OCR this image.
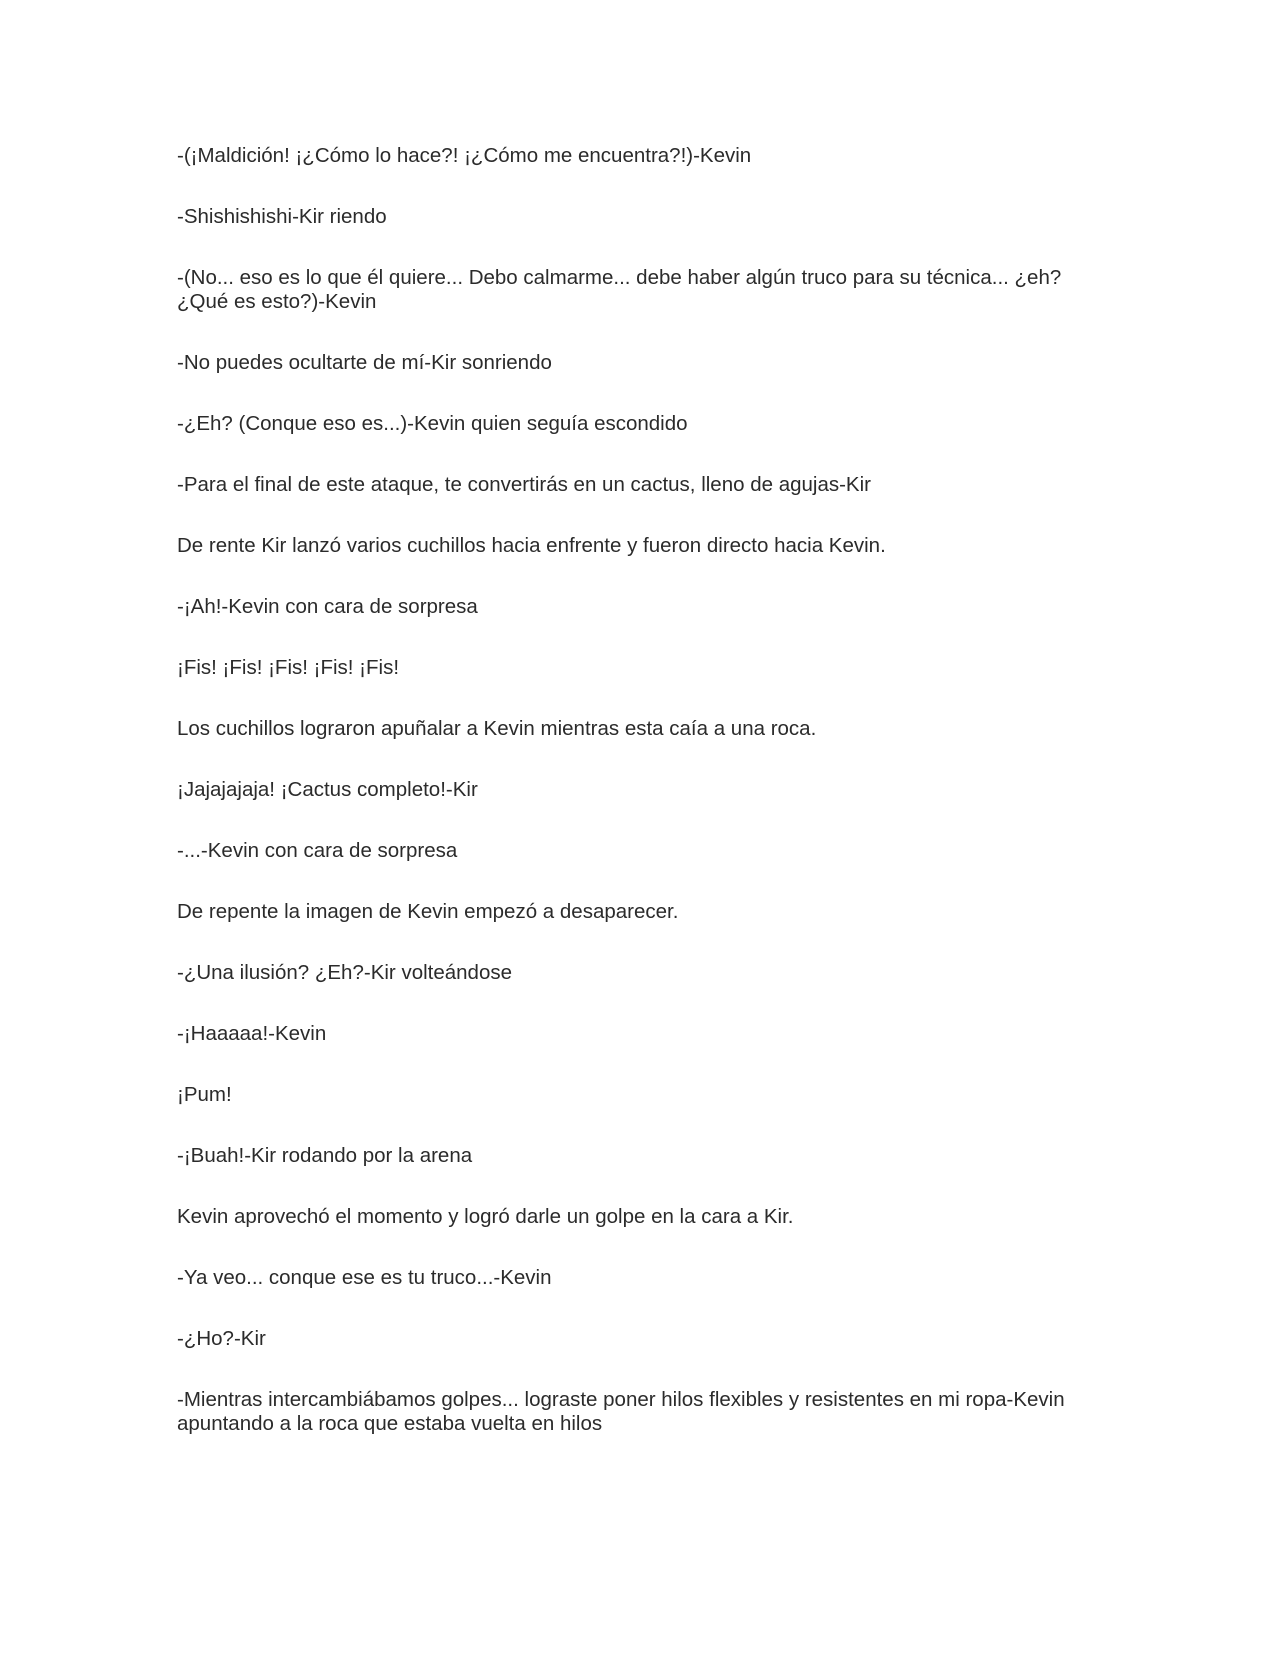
-(¡Maldición! ¡¿Cómo lo hace?! ¡¿Cómo me encuentra?!)-Kevin

-Shishishishi-Kir riendo

-(No... eso es lo que él quiere... Debo calmarme... debe haber algún truco para su técnica... ¿eh? ¿Qué es esto?)-Kevin

-No puedes ocultarte de mí-Kir sonriendo

-¿Eh? (Conque eso es...)-Kevin quien seguía escondido

-Para el final de este ataque, te convertirás en un cactus, lleno de agujas-Kir

De rente Kir lanzó varios cuchillos hacia enfrente y fueron directo hacia Kevin.

-¡Ah!-Kevin con cara de sorpresa

¡Fis! ¡Fis! ¡Fis! ¡Fis! ¡Fis!

Los cuchillos lograron apuñalar a Kevin mientras esta caía a una roca.

¡Jajajajaja! ¡Cactus completo!-Kir

-...-Kevin con cara de sorpresa

De repente la imagen de Kevin empezó a desaparecer.

-¿Una ilusión? ¿Eh?-Kir volteándose

-¡Haaaaa!-Kevin

¡Pum!

-¡Buah!-Kir rodando por la arena

Kevin aprovechó el momento y logró darle un golpe en la cara a Kir.

-Ya veo... conque ese es tu truco...-Kevin

-¿Ho?-Kir

-Mientras intercambiábamos golpes... lograste poner hilos flexibles y resistentes en mi ropa-Kevin apuntando a la roca que estaba vuelta en hilos
